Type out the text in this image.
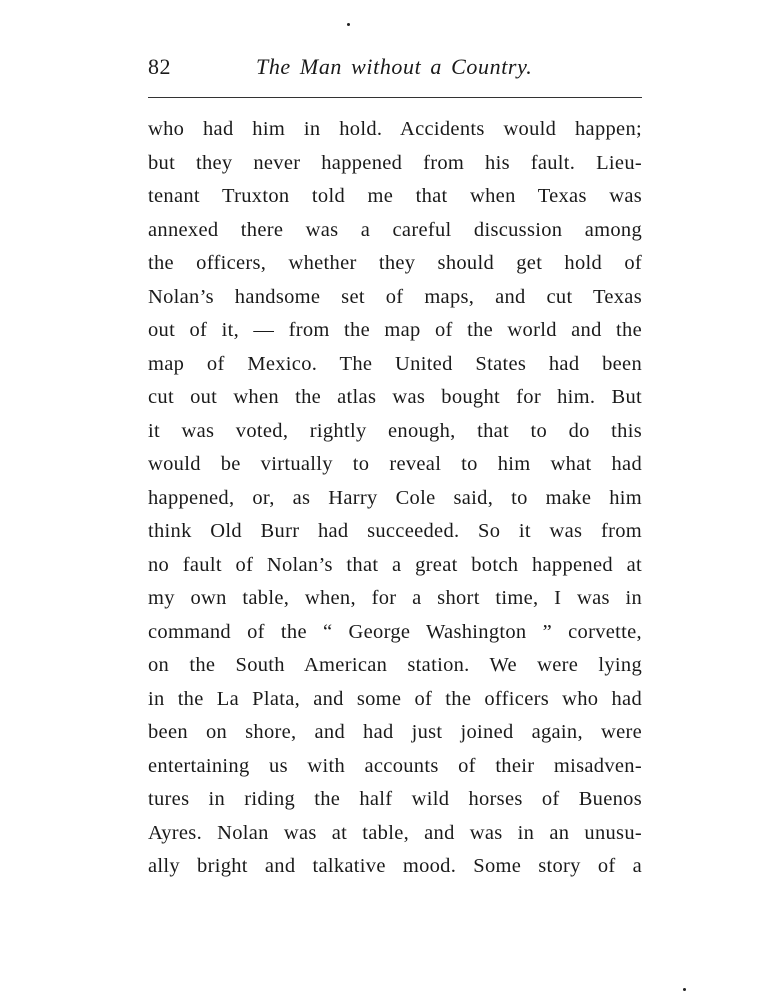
82	The Man without a Country.
who had him in hold. Accidents would happen;
but they never happened from his fault. Lieu-
tenant Truxton told me that when Texas was
annexed there was a careful discussion among
the officers, whether they should get hold of
Nolan’s handsome set of maps, and cut Texas
out of it, — from the map of the world and the
map of Mexico. The United States had been
cut out when the atlas was bought for him. But
it was voted, rightly enough, that to do this
would be virtually to reveal to him what had
happened, or, as Harry Cole said, to make him
think Old Burr had succeeded. So it was from
no fault of Nolan’s that a great botch happened at
my own table, when, for a short time, I was in
command of the “ George Washington ” corvette,
on the South American station. We were lying
in the La Plata, and some of the officers who had
been on shore, and had just joined again, were
entertaining us with accounts of their misadven-
tures in riding the half wild horses of Buenos
Ayres. Nolan was at table, and was in an unusu-
ally bright and talkative mood. Some story of a
